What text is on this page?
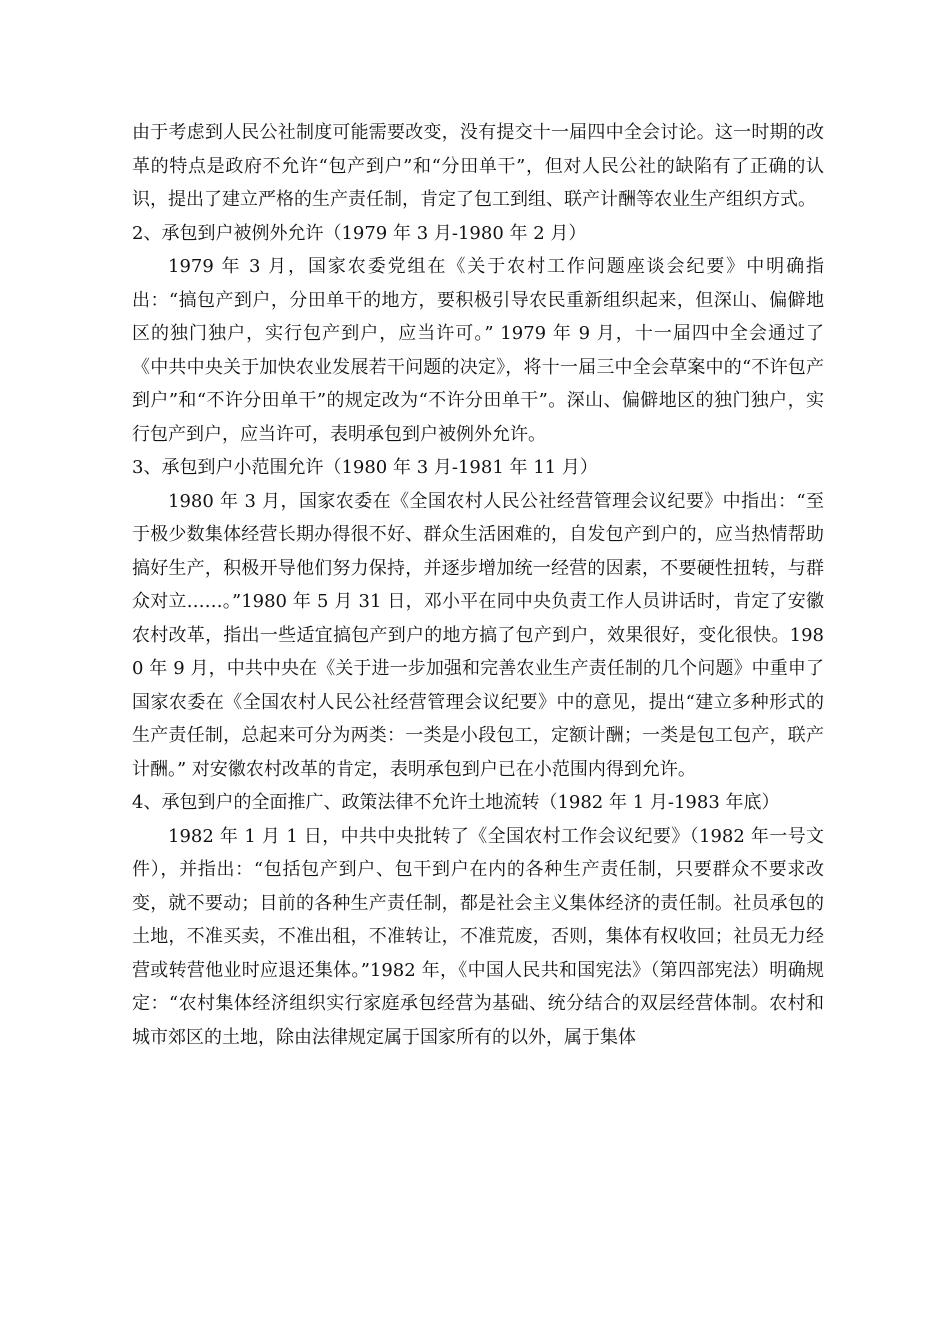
由于考虑到人民公社制度可能需要改变，没有提交十一届四中全会讨论。这一时期的改革的特点是政府不允许“包产到户”和“分田单干”，但对人民公社的缺陷有了正确的认识，提出了建立严格的生产责任制，肯定了包工到组、联产计酬等农业生产组织方式。

2、承包到户被例外允许（1979 年 3 月-1980 年 2 月）

1979 年 3 月，国家农委党组在《关于农村工作问题座谈会纪要》中明确指出：“搞包产到户，分田单干的地方，要积极引导农民重新组织起来，但深山、偏僻地区的独门独户，实行包产到户，应当许可。” 1979 年 9 月，十一届四中全会通过了《中共中央关于加快农业发展若干问题的决定》，将十一届三中全会草案中的“不许包产到户”和“不许分田单干”的规定改为“不许分田单干”。深山、偏僻地区的独门独户，实行包产到户，应当许可，表明承包到户被例外允许。

3、承包到户小范围允许（1980 年 3 月-1981 年 11 月）

1980 年 3 月，国家农委在《全国农村人民公社经营管理会议纪要》中指出：“至于极少数集体经营长期办得很不好、群众生活困难的，自发包产到户的，应当热情帮助搞好生产，积极开导他们努力保持，并逐步增加统一经营的因素，不要硬性扭转，与群众对立……。”1980 年 5 月 31 日，邓小平在同中央负责工作人员讲话时，肯定了安徽农村改革，指出一些适宜搞包产到户的地方搞了包产到户，效果很好，变化很快。1980 年 9 月，中共中央在《关于进一步加强和完善农业生产责任制的几个问题》中重申了国家农委在《全国农村人民公社经营管理会议纪要》中的意见，提出“建立多种形式的生产责任制，总起来可分为两类：一类是小段包工，定额计酬；一类是包工包产，联产计酬。” 对安徽农村改革的肯定，表明承包到户已在小范围内得到允许。

4、承包到户的全面推广、政策法律不允许土地流转（1982 年 1 月-1983 年底）

1982 年 1 月 1 日，中共中央批转了《全国农村工作会议纪要》（1982 年一号文件），并指出：“包括包产到户、包干到户在内的各种生产责任制，只要群众不要求改变，就不要动；目前的各种生产责任制，都是社会主义集体经济的责任制。社员承包的土地，不准买卖，不准出租，不准转让，不准荒废，否则，集体有权收回；社员无力经营或转营他业时应退还集体。”1982 年，《中国人民共和国宪法》（第四部宪法）明确规定：“农村集体经济组织实行家庭承包经营为基础、统分结合的双层经营体制。农村和城市郊区的土地，除由法律规定属于国家所有的以外，属于集体
